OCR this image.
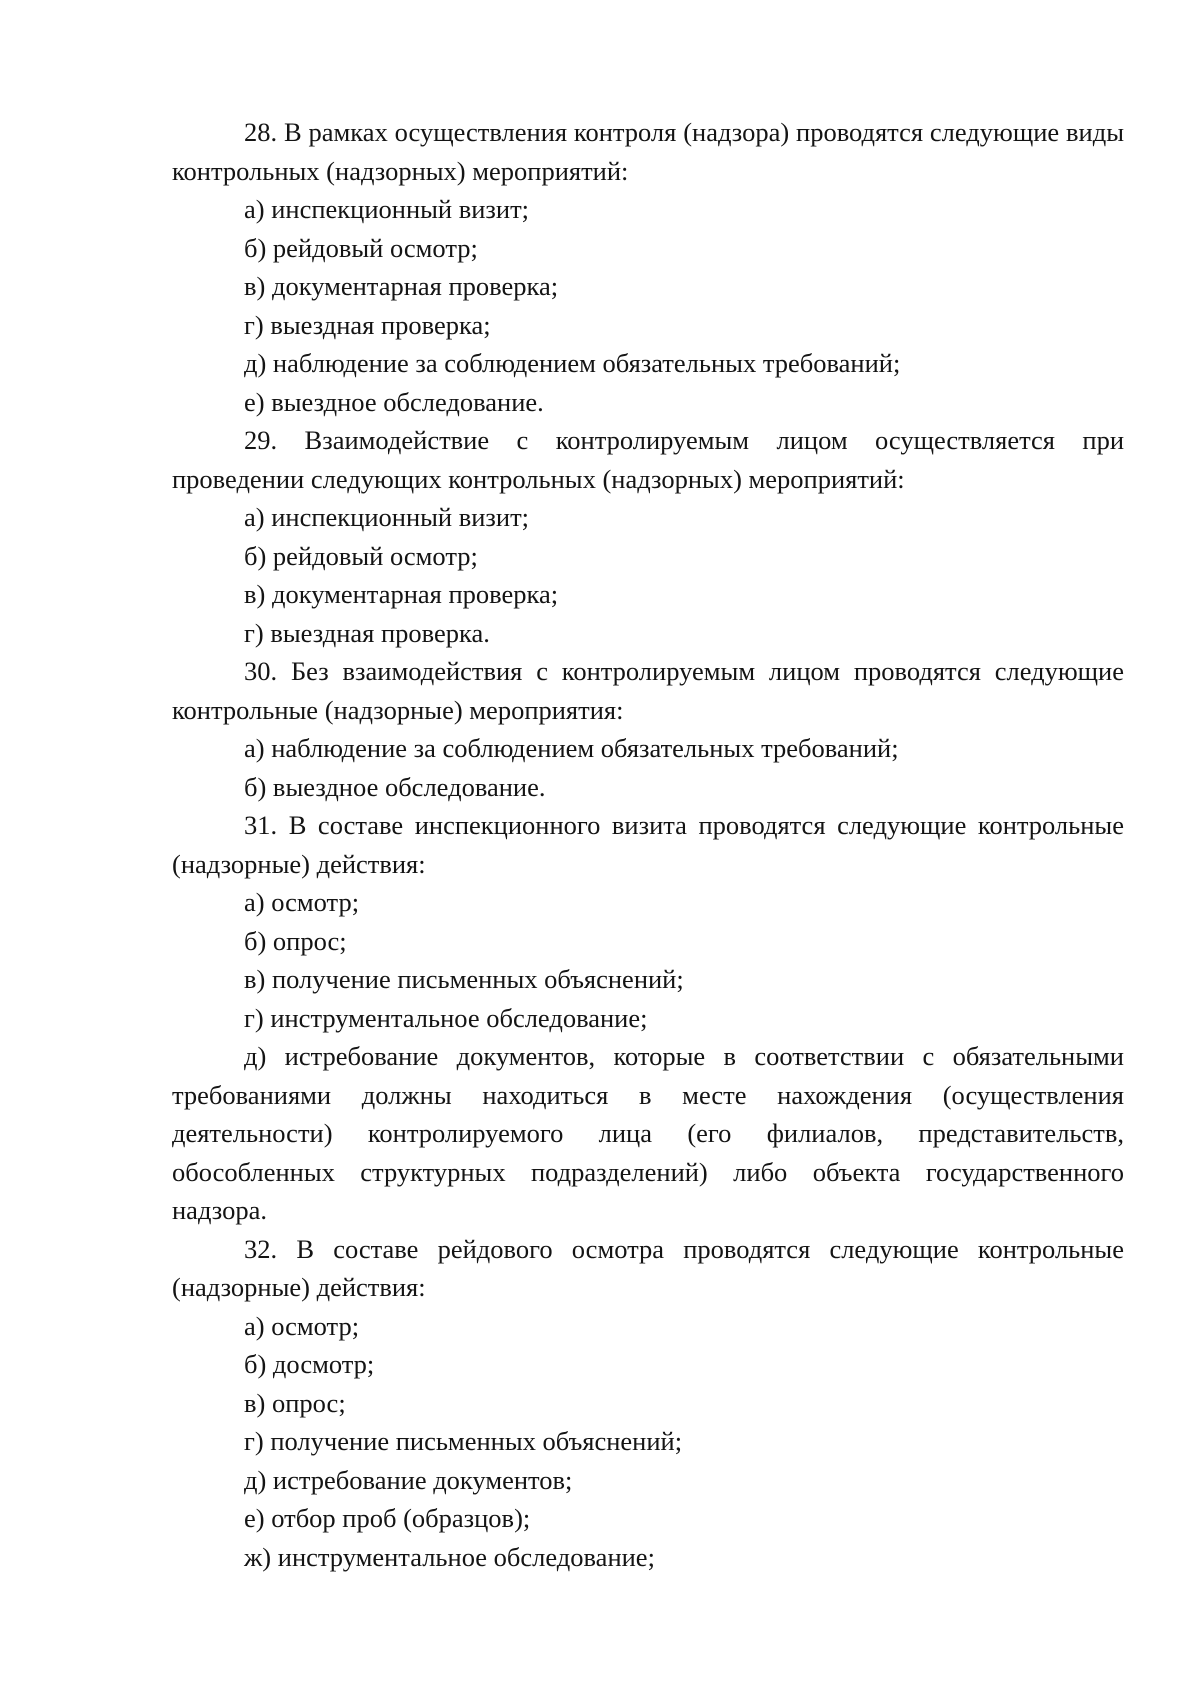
28. В рамках осуществления контроля (надзора) проводятся следующие виды контрольных (надзорных) мероприятий:

а) инспекционный визит;

б) рейдовый осмотр;

в) документарная проверка;

г) выездная проверка;

д) наблюдение за соблюдением обязательных требований;

е) выездное обследование.

29. Взаимодействие с контролируемым лицом осуществляется при проведении следующих контрольных (надзорных) мероприятий:

а) инспекционный визит;

б) рейдовый осмотр;

в) документарная проверка;

г) выездная проверка.

30. Без взаимодействия с контролируемым лицом проводятся следующие контрольные (надзорные) мероприятия:

а) наблюдение за соблюдением обязательных требований;

б) выездное обследование.

31. В составе инспекционного визита проводятся следующие контрольные (надзорные) действия:

а) осмотр;

б) опрос;

в) получение письменных объяснений;

г) инструментальное обследование;

д) истребование документов, которые в соответствии с обязательными требованиями должны находиться в месте нахождения (осуществления деятельности) контролируемого лица (его филиалов, представительств, обособленных структурных подразделений) либо объекта государственного надзора.

32. В составе рейдового осмотра проводятся следующие контрольные (надзорные) действия:

а) осмотр;

б) досмотр;

в) опрос;

г) получение письменных объяснений;

д) истребование документов;

е) отбор проб (образцов);

ж) инструментальное обследование;
